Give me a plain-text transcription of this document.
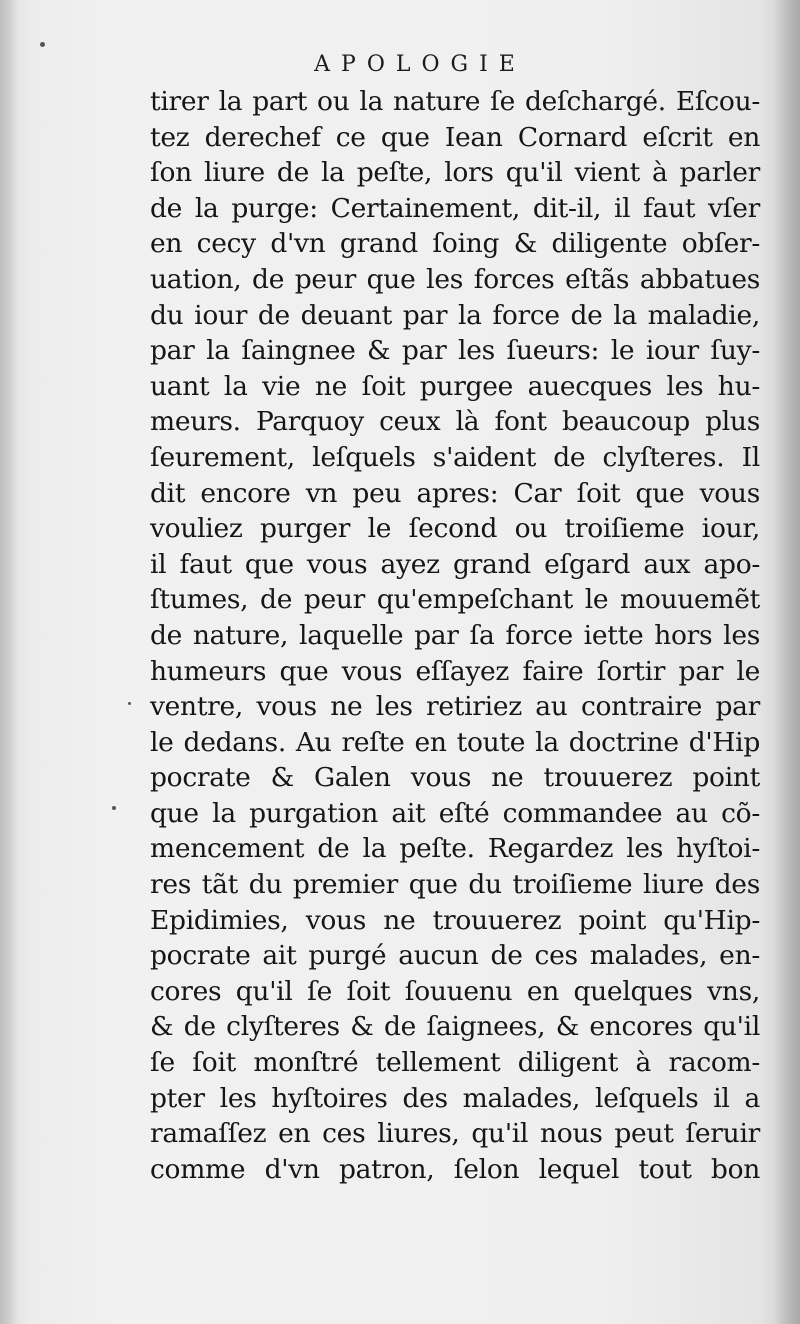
APOLOGIE
tirer la part ou la nature ſe deſchargé. Eſcou-
tez derechef ce que Iean Cornard eſcrit en
ſon liure de la peſte, lors qu'il vient à parler
de la purge: Certainement, dit-il, il faut vſer
en cecy d'vn grand ſoing & diligente obſer-
uation, de peur que les forces eſtãs abbatues
du iour de deuant par la force de la maladie,
par la ſaingnee & par les ſueurs: le iour ſuy-
uant la vie ne ſoit purgee auecques les hu-
meurs. Parquoy ceux là font beaucoup plus
ſeurement, leſquels s'aident de clyſteres. Il
dit encore vn peu apres: Car ſoit que vous
vouliez purger le ſecond ou troiſieme iour,
il faut que vous ayez grand eſgard aux apo-
ſtumes, de peur qu'empeſchant le mouuemẽt
de nature, laquelle par ſa force iette hors les
humeurs que vous eſſayez faire ſortir par le
ventre, vous ne les retiriez au contraire par
le dedans. Au reſte en toute la doctrine d'Hip
pocrate & Galen vous ne trouuerez point
que la purgation ait eſté commandee au cõ-
mencement de la peſte. Regardez les hyſtoi-
res tãt du premier que du troiſieme liure des
Epidimies, vous ne trouuerez point qu'Hip-
pocrate ait purgé aucun de ces malades, en-
cores qu'il ſe ſoit ſouuenu en quelques vns,
& de clyſteres & de ſaignees, & encores qu'il
ſe ſoit monſtré tellement diligent à racom-
pter les hyſtoires des malades, leſquels il a
ramaſſez en ces liures, qu'il nous peut ſeruir
comme d'vn patron, ſelon lequel tout bon
